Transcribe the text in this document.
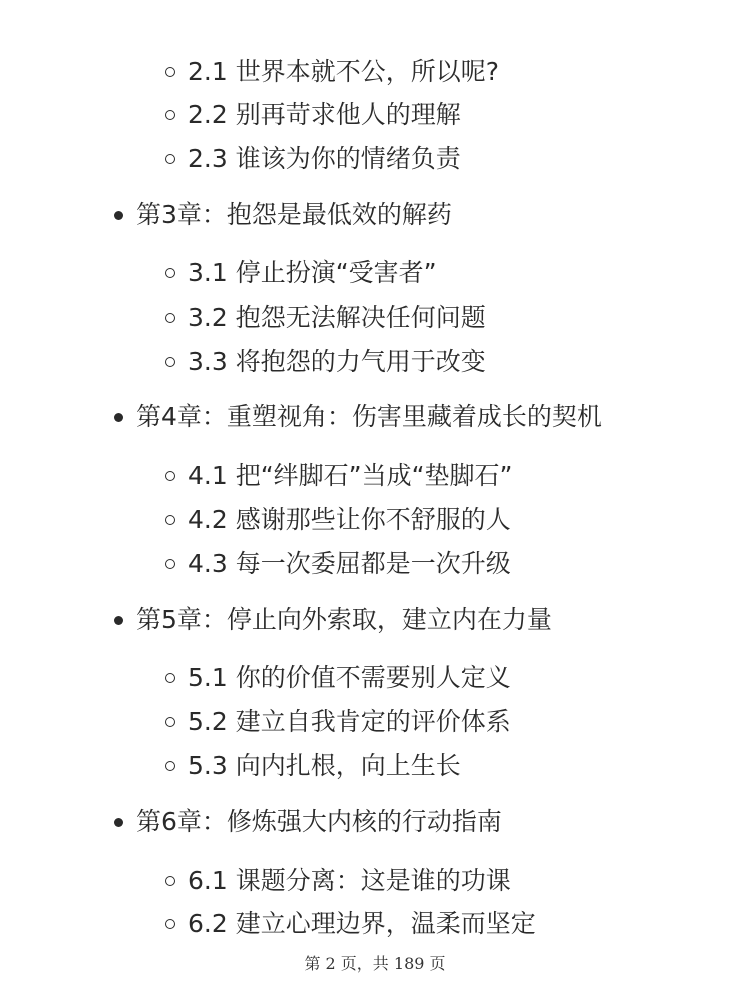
2.1 世界本就不公，所以呢?
2.2 别再苛求他人的理解
2.3 谁该为你的情绪负责
第3章：抱怨是最低效的解药
3.1 停止扮演“受害者”
3.2 抱怨无法解决任何问题
3.3 将抱怨的力气用于改变
第4章：重塑视角：伤害里藏着成长的契机
4.1 把“绊脚石”当成“垫脚石”
4.2 感谢那些让你不舒服的人
4.3 每一次委屈都是一次升级
第5章：停止向外索取，建立内在力量
5.1 你的价值不需要别人定义
5.2 建立自我肯定的评价体系
5.3 向内扎根，向上生长
第6章：修炼强大内核的行动指南
6.1 课题分离：这是谁的功课
6.2 建立心理边界，温柔而坚定
第 2 页，共 189 页
